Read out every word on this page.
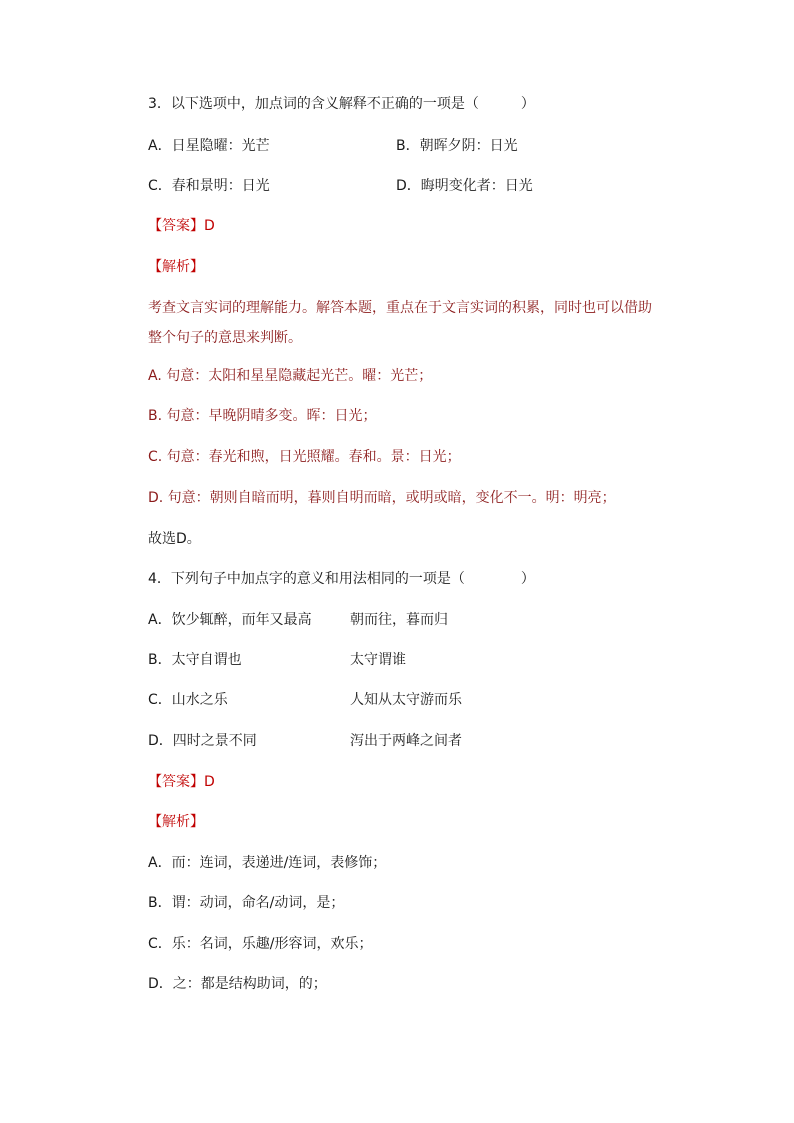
3．以下选项中，加点词的含义解释不正确的一项是（　　　）
A．日星隐曜：光芒	B．朝晖夕阴：日光
C．春和景明：日光	D．晦明变化者：日光
【答案】D
【解析】
考查文言实词的理解能力。解答本题，重点在于文言实词的积累，同时也可以借助整个句子的意思来判断。
A. 句意：太阳和星星隐藏起光芒。曜：光芒；
B. 句意：早晚阴晴多变。晖：日光；
C. 句意：春光和煦，日光照耀。春和。景：日光；
D. 句意：朝则自暗而明，暮则自明而暗，或明或暗，变化不一。明：明亮；
故选D。
4．下列句子中加点字的意义和用法相同的一项是（　　　　）
A．饮少辄醉，而年又最高	朝而往，暮而归
B．太守自谓也	太守谓谁
C．山水之乐	人知从太守游而乐
D．四时之景不同	泻出于两峰之间者
【答案】D
【解析】
A．而：连词，表递进/连词，表修饰；
B．谓：动词，命名/动词，是；
C．乐：名词，乐趣/形容词，欢乐；
D．之：都是结构助词，的；
